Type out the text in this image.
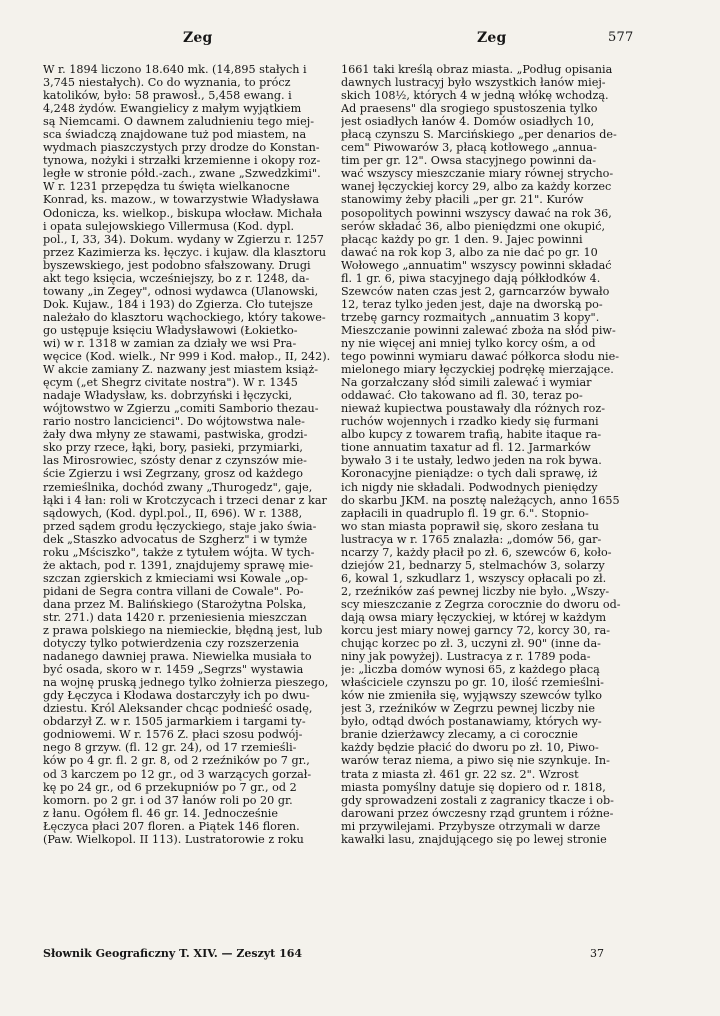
Zeg	Zeg	577
W r. 1894 liczono 18.640 mk. (14,895 stałych i
3,745 niestałych). Co do wyznania, to prócz
katolików, było: 58 prawosł., 5,458 ewang. i
4,248 żydów. Ewangielicy z małym wyjątkiem
są Niemcami. O dawnem zaludnieniu tego miej-
sca świadczą znajdowane tuż pod miastem, na
wydmach piaszczystych przy drodze do Konstan-
tynowa, nożyki i strzałki krzemienne i okopy roz-
ległe w stronie półd.-zach., zwane „Szwedzkimi".
W r. 1231 przepędza tu święta wielkanocne
Konrad, ks. mazow., w towarzystwie Władysława
Odonicza, ks. wielkop., biskupa włocław. Michała
i opata sulejowskiego Villermusa (Kod. dypl.
pol., I, 33, 34). Dokum. wydany w Zgierzu r. 1257
przez Kazimierza ks. łęczyc. i kujaw. dla klasztoru
byszewskiego, jest podobno sfałszowany. Drugi
akt tego księcia, wcześniejszy, bo z r. 1248, da-
towany „in Zegey", odnosi wydawca (Ulanowski,
Dok. Kujaw., 184 i 193) do Zgierza. Cło tutejsze
należało do klasztoru wąchockiego, który takowe-
go ustępuje księciu Władysławowi (Łokietko-
wi) w r. 1318 w zamian za działy we wsi Pra-
węcice (Kod. wielk., Nr 999 i Kod. małop., II, 242).
W akcie zamiany Z. nazwany jest miastem książ-
ęcym („et Shegrz civitate nostra"). W r. 1345
nadaje Władysław, ks. dobrzyński i łęczycki,
wójtowstwo w Zgierzu „comiti Samborio thezau-
rario nostro lancicienci". Do wójtowstwa nale-
żały dwa młyny ze stawami, pastwiska, grodzi-
sko przy rzece, łąki, bory, pasieki, przymiarki,
las Mirosrowiec, szósty denar z czynszów mie-
ście Zgierzu i wsi Zegrzany, grosz od każdego
rzemieślnika, dochód zwany „Thurogedz", gaje,
łąki i 4 łan: roli w Krotczycach i trzeci denar z kar
sądowych, (Kod. dypl.pol., II, 696). W r. 1388,
przed sądem grodu łęczyckiego, staje jako świa-
dek „Staszko advocatus de Szgherz" i w tymże
roku „Mściszko", także z tytułem wójta. W tych-
że aktach, pod r. 1391, znajdujemy sprawę mie-
szczan zgierskich z kmieciami wsi Kowale „op-
pidani de Segra contra villani de Cowale". Po-
dana przez M. Balińskiego (Starożytna Polska,
str. 271.) data 1420 r. przeniesienia mieszczan
z prawa polskiego na niemieckie, błędną jest, lub
dotyczy tylko potwierdzenia czy rozszerzenia
nadanego dawniej prawa. Niewielka musiała to
być osada, skoro w r. 1459 „Segrzs" wystawia
na wojnę pruską jednego tylko żołnierza pieszego,
gdy Łęczyca i Kłodawa dostarczyły ich po dwu-
dziestu. Król Aleksander chcąc podnieść osadę,
obdarzył Z. w r. 1505 jarmarkiem i targami ty-
godniowemi. W r. 1576 Z. płaci szosu podwój-
nego 8 grzyw. (fl. 12 gr. 24), od 17 rzemieśli-
ków po 4 gr. fl. 2 gr. 8, od 2 rzeźników po 7 gr.,
od 3 karczem po 12 gr., od 3 warzących gorzał-
kę po 24 gr., od 6 przekupniów po 7 gr., od 2
komorn. po 2 gr. i od 37 łanów roli po 20 gr.
z łanu. Ogółem fl. 46 gr. 14. Jednocześnie
Łęczyca płaci 207 floren. a Piątek 146 floren.
(Paw. Wielkopol. II 113). Lustratorowie z roku
1661 taki kreślą obraz miasta. „Podług opisania
dawnych lustracyj było wszystkich łanów miej-
skich 108½, których 4 w jedną włókę wchodzą.
Ad praesens" dla srogiego spustoszenia tylko
jest osiadłych łanów 4. Domów osiadłych 10,
płacą czynszu S. Marcińskiego „per denarios de-
cem" Piwowarów 3, płacą kotłowego „annua-
tim per gr. 12". Owsa stacyjnego powinni da-
wać wszyscy mieszczanie miary równej strycho-
wanej łęczyckiej korcy 29, albo za każdy korzec
stanowimy żeby płacili „per gr. 21". Kurów
posopolitych powinni wszyscy dawać na rok 36,
serów składać 36, albo pieniędzmi one okupić,
płacąc każdy po gr. 1 den. 9. Jajec powinni
dawać na rok kop 3, albo za nie dać po gr. 10
Wołowego „annuatim" wszyscy powinni składać
fl. 1 gr. 6, piwa stacyjnego dają półkłodków 4.
Szewców naten czas jest 2, garncarzów bywało
12, teraz tylko jeden jest, daje na dworską po-
trzebę garncy rozmaitych „annuatim 3 kopy".
Mieszczanie powinni zalewać zboża na słód piw-
ny nie więcej ani mniej tylko korcy ośm, a od
tego powinni wymiaru dawać półkorca słodu nie-
mielonego miary łęczyckiej podrękę mierzające.
Na gorzałczany słód simili zalewać i wymiar
oddawać. Cło takowano ad fl. 30, teraz po-
nieważ kupiectwa poustawały dla różnych roz-
ruchów wojennych i rzadko kiedy się furmani
albo kupcy z towarem trafią, habite itaque ra-
tione annuatim taxatur ad fl. 12. Jarmarków
bywało 3 i te ustały, ledwo jeden na rok bywa.
Koronacyjne pieniądze: o tych dali sprawę, iż
ich nigdy nie składali. Podwodnych pieniędzy
do skarbu JKM. na posztę należących, anno 1655
zapłacili in quadruplo fl. 19 gr. 6.". Stopnio-
wo stan miasta poprawił się, skoro zesłana tu
lustracya w r. 1765 znalazła: „domów 56, gar-
ncarzy 7, każdy płacił po zł. 6, szewców 6, koło-
dziejów 21, bednarzy 5, stelmachów 3, solarzy
6, kowal 1, szkudlarz 1, wszyscy opłacali po zł.
2, rzeźników zaś pewnej liczby nie było. „Wszy-
scy mieszczanie z Zegrza corocznie do dworu od-
dają owsa miary łęczyckiej, w której w każdym
korcu jest miary nowej garncy 72, korcy 30, ra-
chując korzec po zł. 3, uczyni zł. 90" (inne da-
niny jak powyżej). Lustracya z r. 1789 poda-
je: „liczba domów wynosi 65, z każdego płacą
właściciele czynszu po gr. 10, ilość rzemieślni-
ków nie zmieniła się, wyjąwszy szewców tylko
jest 3, rzeźników w Zegrzu pewnej liczby nie
było, odtąd dwóch postanawiamy, których wy-
branie dzierżawcy zlecamy, a ci corocznie
każdy będzie płacić do dworu po zł. 10, Piwo-
warów teraz niema, a piwo się nie szynkuje. In-
trata z miasta zł. 461 gr. 22 sz. 2". Wzrost
miasta pomyślny datuje się dopiero od r. 1818,
gdy sprowadzeni zostali z zagranicy tkacze i ob-
darowani przez ówczesny rząd gruntem i różne-
mi przywilejami. Przybysze otrzymali w darze
kawałki lasu, znajdującego się po lewej stronie
Słownik Geograficzny T. XIV. — Zeszyt 164	37
